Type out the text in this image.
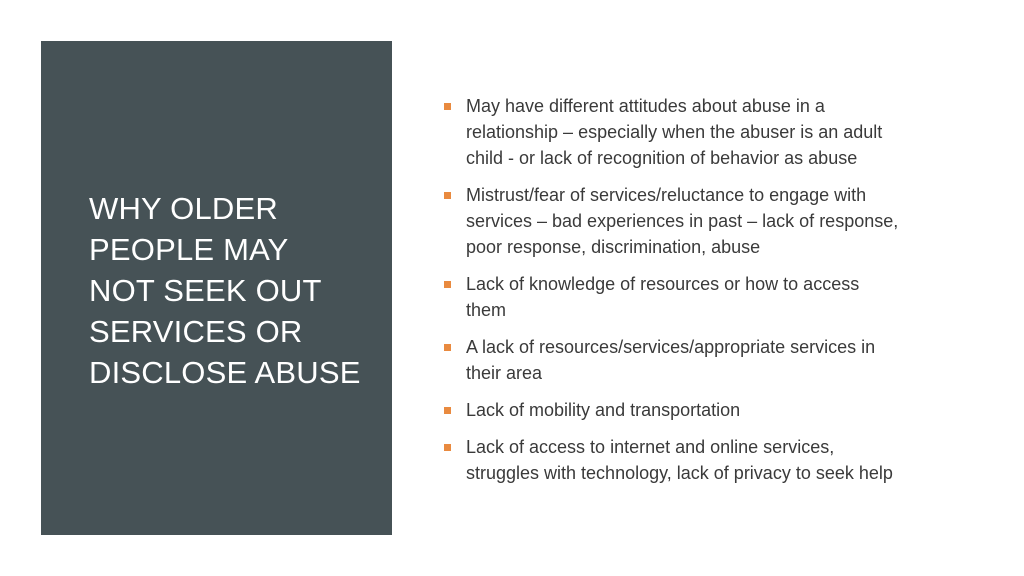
WHY OLDER
PEOPLE MAY
NOT SEEK OUT
SERVICES OR
DISCLOSE ABUSE
May have different attitudes about abuse in a
relationship – especially when the abuser is an adult
child - or lack of recognition of behavior as abuse
Mistrust/fear of services/reluctance to engage with
services – bad experiences in past – lack of response,
poor response, discrimination, abuse
Lack of knowledge of resources or how to access
them
A lack of resources/services/appropriate services in
their area
Lack of mobility and transportation
Lack of access to internet and online services,
struggles with technology, lack of privacy to seek help
